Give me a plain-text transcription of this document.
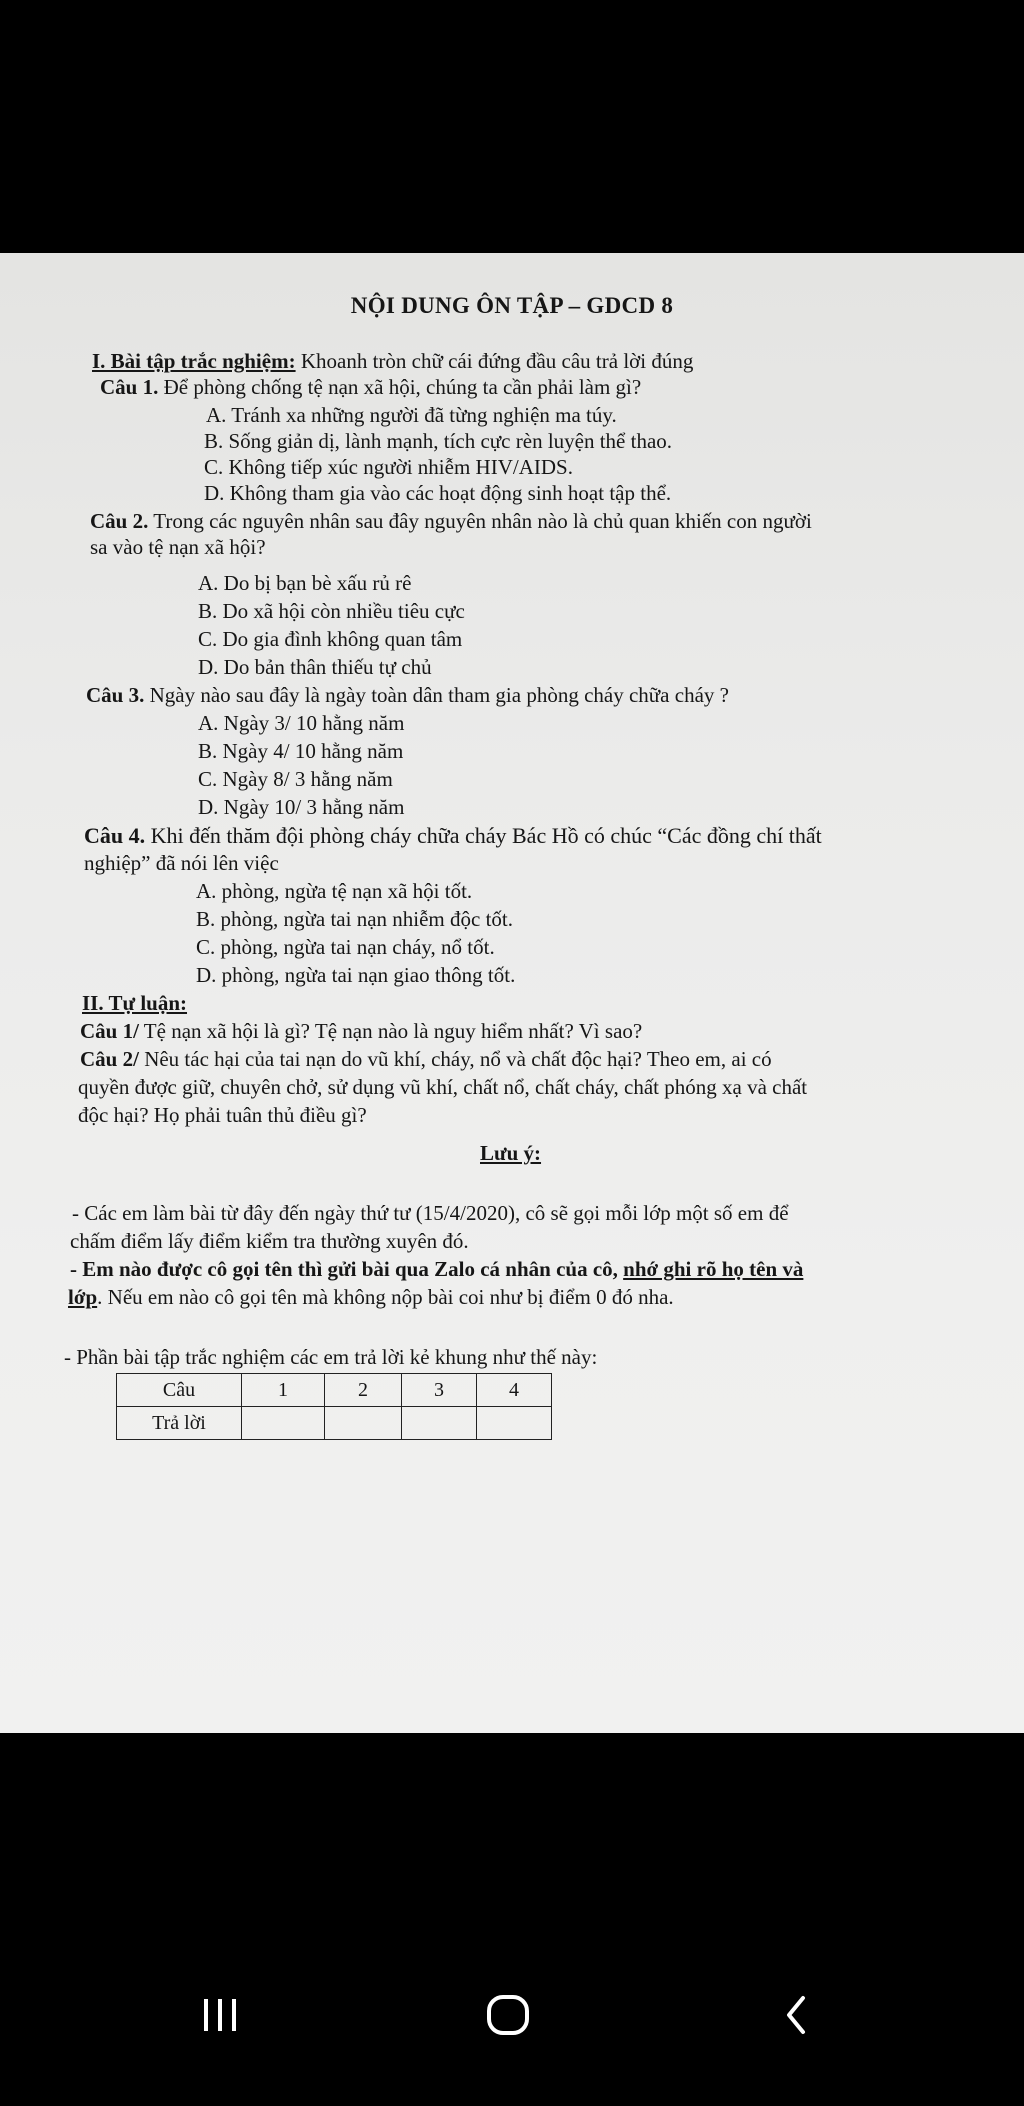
NỘI DUNG ÔN TẬP – GDCD 8
I. Bài tập trắc nghiệm: Khoanh tròn chữ cái đứng đầu câu trả lời đúng
Câu 1. Để phòng chống tệ nạn xã hội, chúng ta cần phải làm gì?
A. Tránh xa những người đã từng nghiện ma túy.
B. Sống giản dị, lành mạnh, tích cực rèn luyện thể thao.
C. Không tiếp xúc người nhiễm HIV/AIDS.
D. Không tham gia vào các hoạt động sinh hoạt tập thể.
Câu 2. Trong các nguyên nhân sau đây nguyên nhân nào là chủ quan khiến con người
sa vào tệ nạn xã hội?
A. Do bị bạn bè xấu rủ rê
B. Do xã hội còn nhiều tiêu cực
C. Do gia đình không quan tâm
D. Do bản thân thiếu tự chủ
Câu 3. Ngày nào sau đây là ngày toàn dân tham gia phòng cháy chữa cháy ?
A. Ngày 3/ 10 hằng năm
B. Ngày 4/ 10 hằng năm
C. Ngày 8/ 3 hằng năm
D. Ngày 10/ 3 hằng năm
Câu 4. Khi đến thăm đội phòng cháy chữa cháy Bác Hồ có chúc “Các đồng chí thất
nghiệp” đã nói lên việc
A. phòng, ngừa tệ nạn xã hội tốt.
B. phòng, ngừa tai nạn nhiễm độc tốt.
C. phòng, ngừa tai nạn cháy, nổ tốt.
D. phòng, ngừa tai nạn giao thông tốt.
II. Tự luận:
Câu 1/ Tệ nạn xã hội là gì? Tệ nạn nào là nguy hiểm nhất? Vì sao?
Câu 2/ Nêu tác hại của tai nạn do vũ khí, cháy, nổ và chất độc hại? Theo em, ai có
quyền được giữ, chuyên chở, sử dụng vũ khí, chất nổ, chất cháy, chất phóng xạ và chất
độc hại? Họ phải tuân thủ điều gì?
Lưu ý:
- Các em làm bài từ đây đến ngày thứ tư (15/4/2020), cô sẽ gọi mỗi lớp một số em để
chấm điểm lấy điểm kiểm tra thường xuyên đó.
- Em nào được cô gọi tên thì gửi bài qua Zalo cá nhân của cô, nhớ ghi rõ họ tên và
lớp. Nếu em nào cô gọi tên mà không nộp bài coi như bị điểm 0 đó nha.
- Phần bài tập trắc nghiệm các em trả lời kẻ khung như thế này:
Câu	1	2	3	4
Trả lời				
